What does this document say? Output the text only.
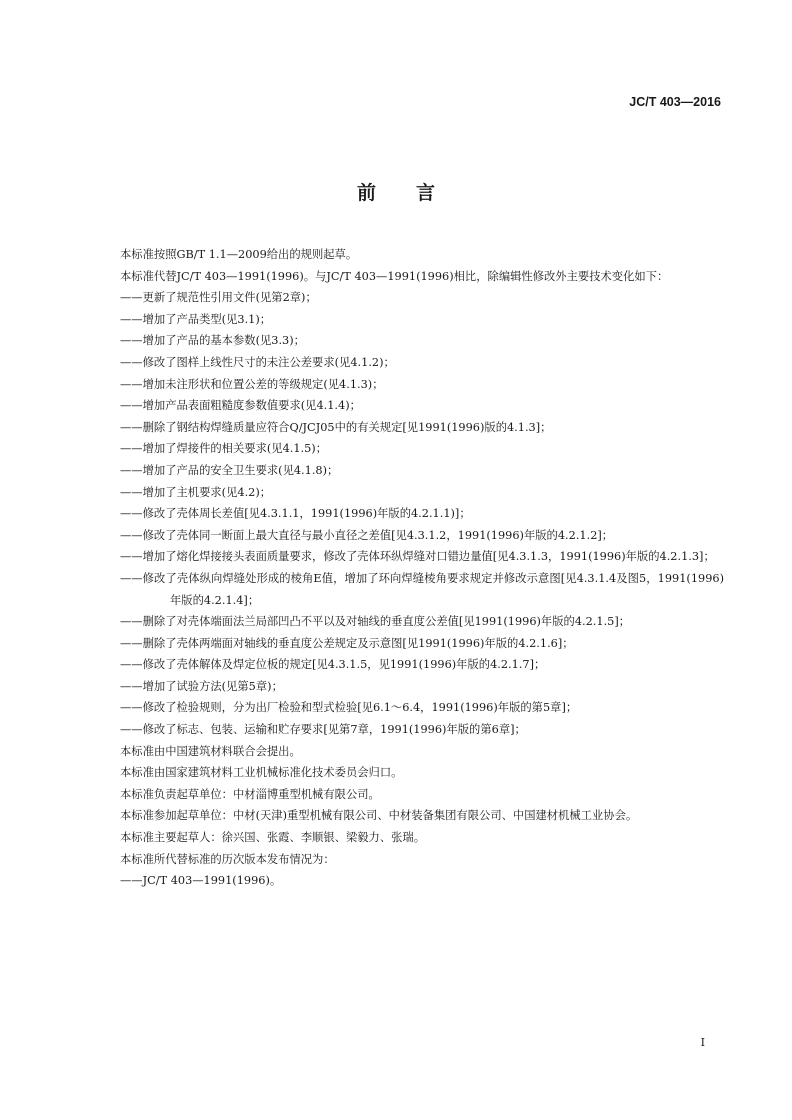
JC/T 403—2016
前言

本标准按照GB/T 1.1—2009给出的规则起草。

本标准代替JC/T 403—1991(1996)。与JC/T 403—1991(1996)相比，除编辑性修改外主要技术变化如下：

——更新了规范性引用文件(见第2章)；

——增加了产品类型(见3.1)；

——增加了产品的基本参数(见3.3)；

——修改了图样上线性尺寸的未注公差要求(见4.1.2)；

——增加未注形状和位置公差的等级规定(见4.1.3)；

——增加产品表面粗糙度参数值要求(见4.1.4)；

——删除了钢结构焊缝质量应符合Q/JCJ05中的有关规定[见1991(1996)版的4.1.3]；

——增加了焊接件的相关要求(见4.1.5)；

——增加了产品的安全卫生要求(见4.1.8)；

——增加了主机要求(见4.2)；

——修改了壳体周长差值[见4.3.1.1，1991(1996)年版的4.2.1.1)]；

——修改了壳体同一断面上最大直径与最小直径之差值[见4.3.1.2，1991(1996)年版的4.2.1.2]；

——增加了熔化焊接接头表面质量要求，修改了壳体环纵焊缝对口错边量值[见4.3.1.3，1991(1996)年版的4.2.1.3]；

——修改了壳体纵向焊缝处形成的棱角E值，增加了环向焊缝棱角要求规定并修改示意图[见4.3.1.4及图5，1991(1996)年版的4.2.1.4]；

——删除了对壳体端面法兰局部凹凸不平以及对轴线的垂直度公差值[见1991(1996)年版的4.2.1.5]；

——删除了壳体两端面对轴线的垂直度公差规定及示意图[见1991(1996)年版的4.2.1.6]；

——修改了壳体解体及焊定位板的规定[见4.3.1.5，见1991(1996)年版的4.2.1.7]；

——增加了试验方法(见第5章)；

——修改了检验规则，分为出厂检验和型式检验[见6.1～6.4，1991(1996)年版的第5章]；

——修改了标志、包装、运输和贮存要求[见第7章，1991(1996)年版的第6章]；

本标准由中国建筑材料联合会提出。

本标准由国家建筑材料工业机械标准化技术委员会归口。

本标准负责起草单位：中材淄博重型机械有限公司。

本标准参加起草单位：中材(天津)重型机械有限公司、中材装备集团有限公司、中国建材机械工业协会。

本标准主要起草人：徐兴国、张霞、李顺银、梁毅力、张瑞。

本标准所代替标准的历次版本发布情况为：

——JC/T 403—1991(1996)。

I
